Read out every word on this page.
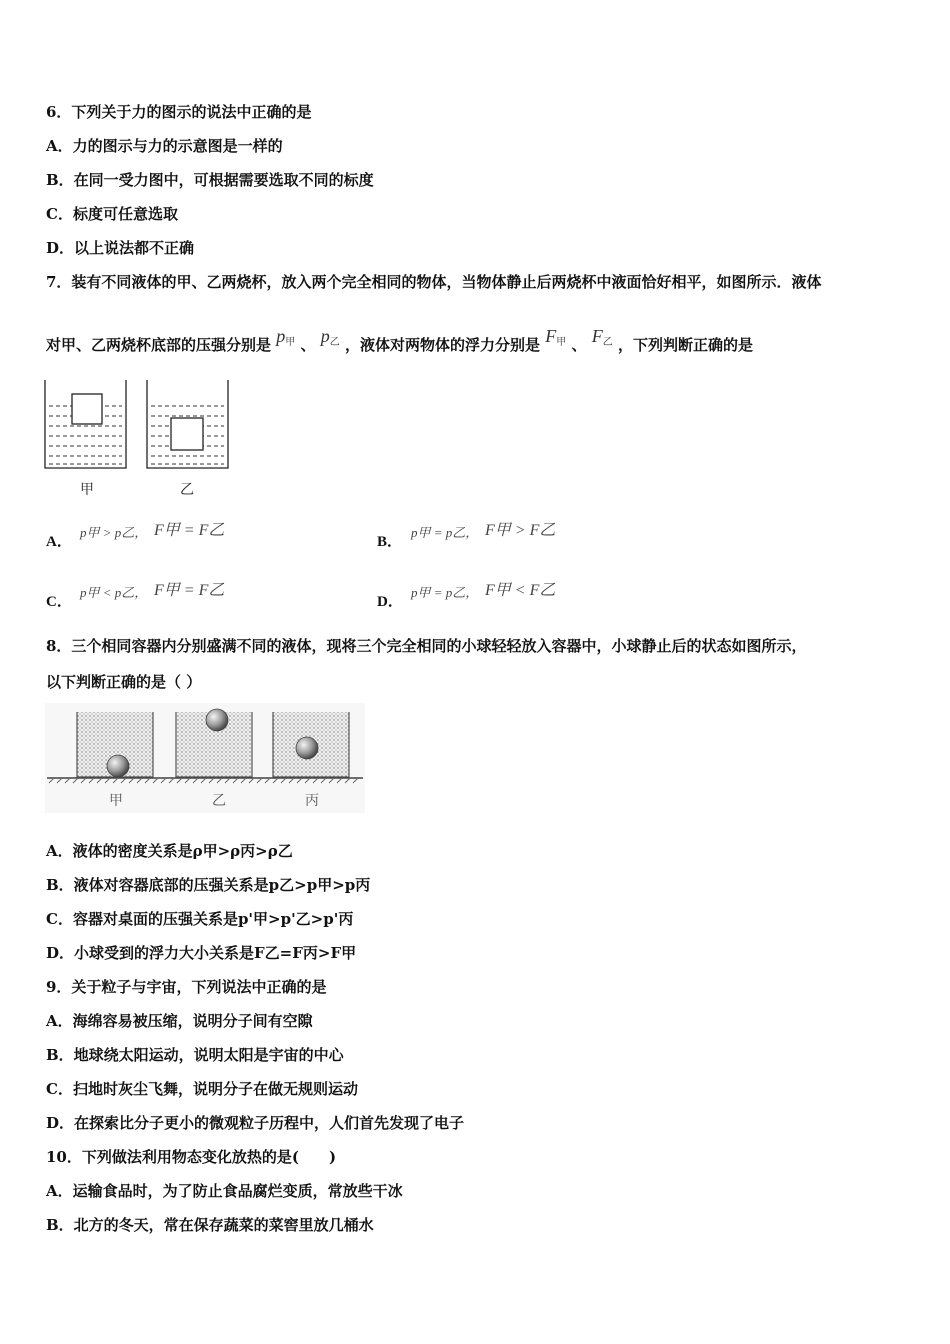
6．下列关于力的图示的说法中正确的是
A．力的图示与力的示意图是一样的
B．在同一受力图中，可根据需要选取不同的标度
C．标度可任意选取
D．以上说法都不正确
7．装有不同液体的甲、乙两烧杯，放入两个完全相同的物体，当物体静止后两烧杯中液面恰好相平，如图所示．液体
对甲、乙两烧杯底部的压强分别是 p甲 、 p乙 ，液体对两物体的浮力分别是 F甲 、 F乙 ，下列判断正确的是
甲	乙
A．
p甲 > p乙， F甲 = F乙
B．
p甲 = p乙， F甲 > F乙
C．
p甲 < p乙， F甲 = F乙
D．
p甲 = p乙， F甲 < F乙
8．三个相同容器内分别盛满不同的液体，现将三个完全相同的小球轻轻放入容器中，小球静止后的状态如图所示，
以下判断正确的是（ ）
甲	乙	丙
A．液体的密度关系是ρ甲>ρ丙>ρ乙
B．液体对容器底部的压强关系是p乙>p甲>p丙
C．容器对桌面的压强关系是p'甲>p'乙>p'丙
D．小球受到的浮力大小关系是F乙=F丙>F甲
9．关于粒子与宇宙，下列说法中正确的是
A．海绵容易被压缩，说明分子间有空隙
B．地球绕太阳运动，说明太阳是宇宙的中心
C．扫地时灰尘飞舞，说明分子在做无规则运动
D．在探索比分子更小的微观粒子历程中，人们首先发现了电子
10．下列做法利用物态变化放热的是(　　)
A．运输食品时，为了防止食品腐烂变质，常放些干冰
B．北方的冬天，常在保存蔬菜的菜窖里放几桶水
